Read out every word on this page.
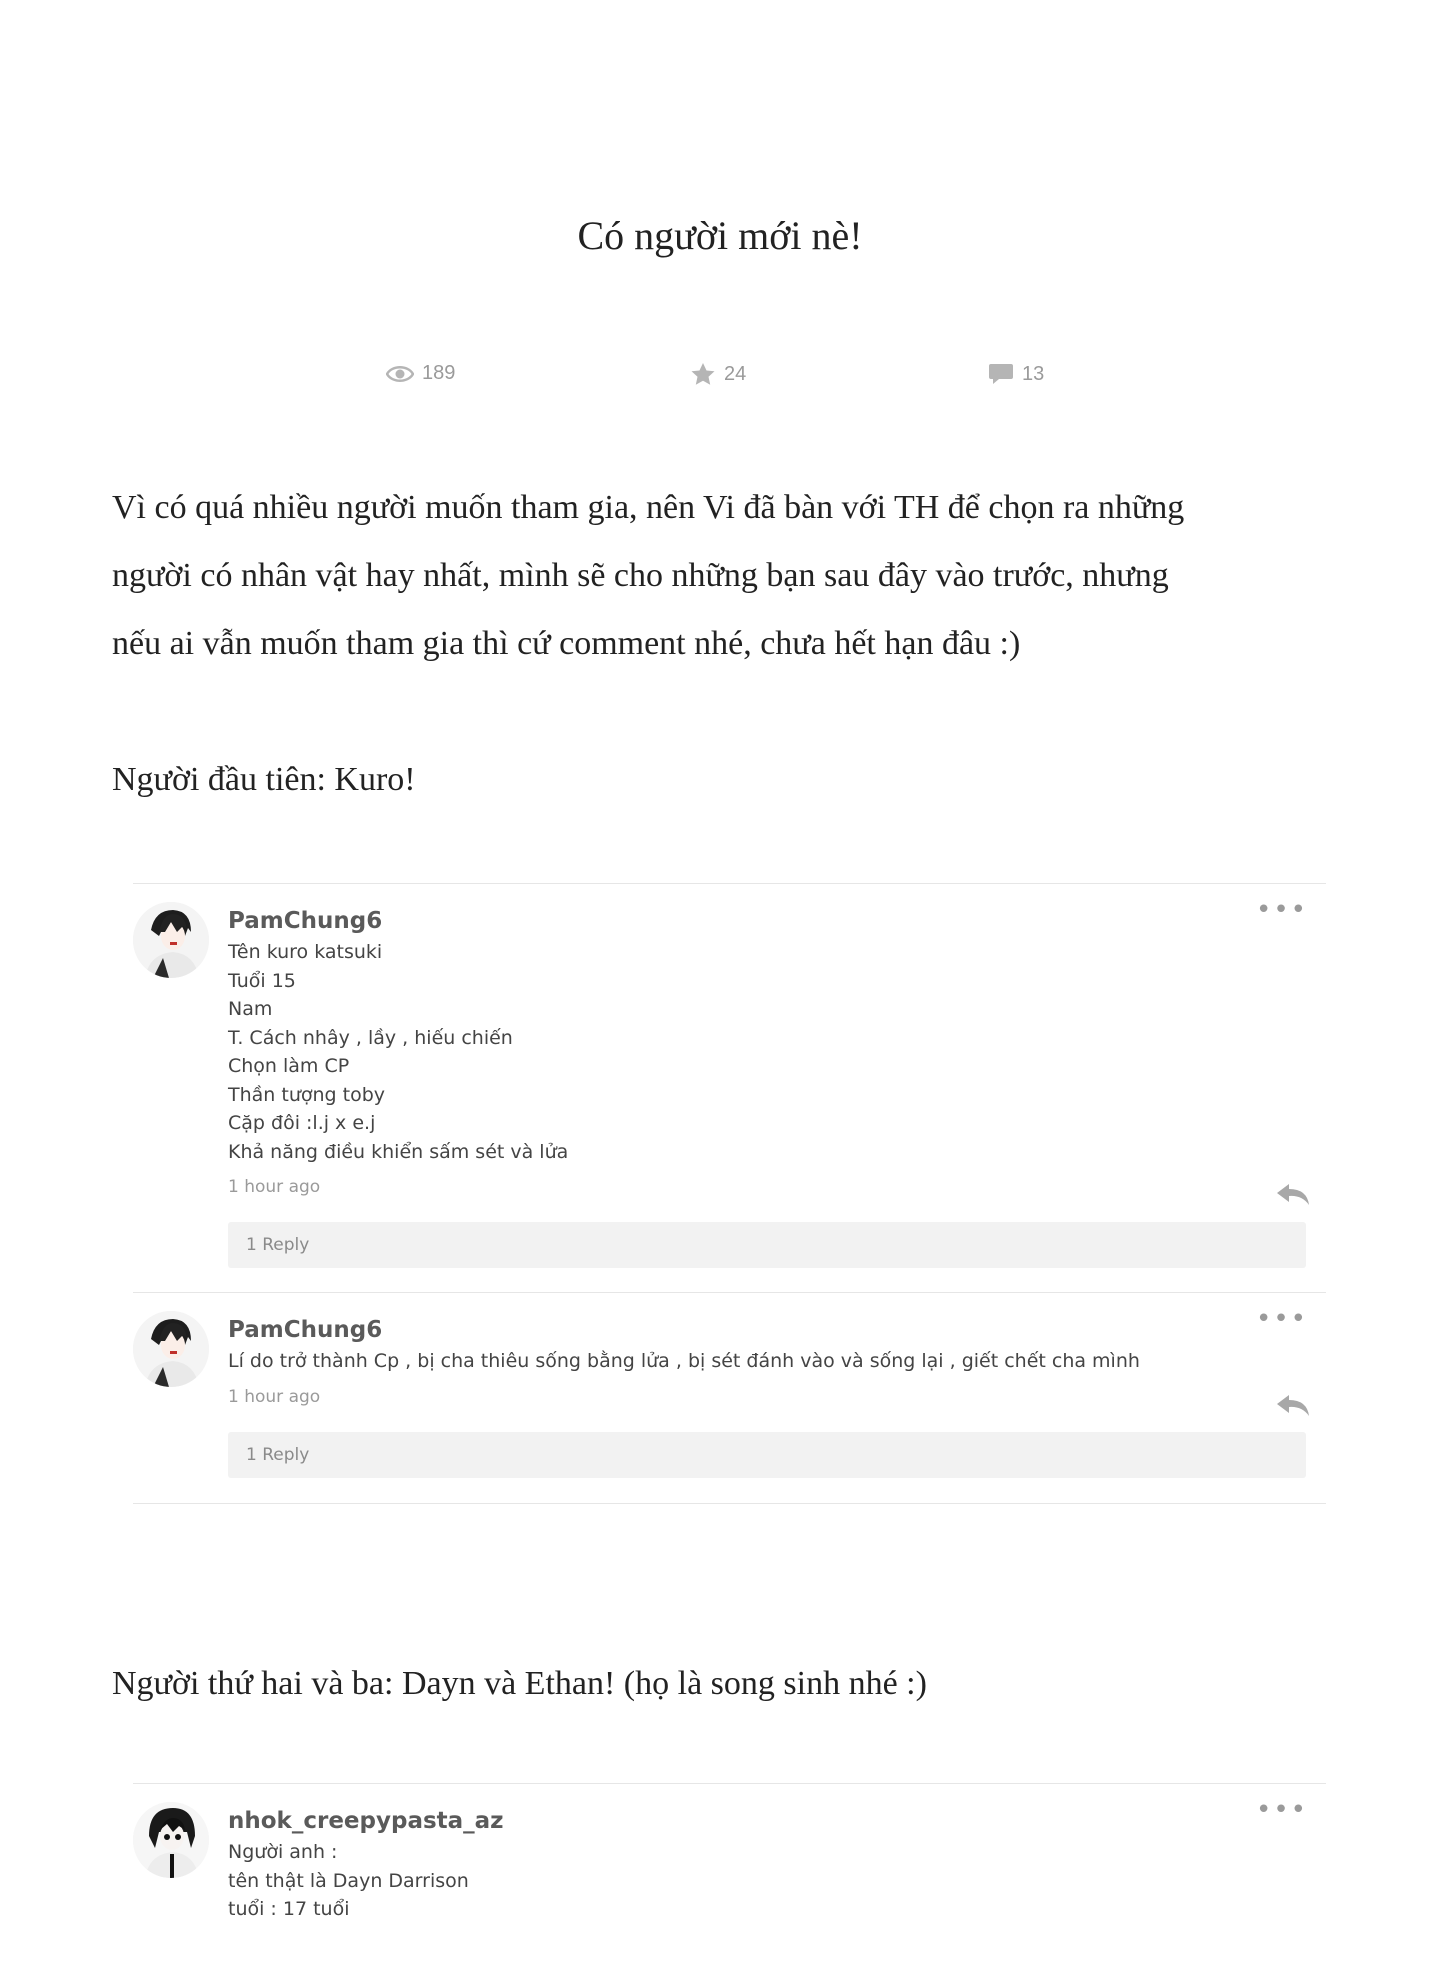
Có người mới nè!
189	24	13
Vì có quá nhiều người muốn tham gia, nên Vi đã bàn với TH để chọn ra những
người có nhân vật hay nhất, mình sẽ cho những bạn sau đây vào trước, nhưng
nếu ai vẫn muốn tham gia thì cứ comment nhé, chưa hết hạn đâu :)
Người đầu tiên: Kuro!
•••
PamChung6
Tên kuro katsuki
Tuổi 15
Nam
T. Cách nhây , lầy , hiếu chiến
Chọn làm CP
Thần tượng toby
Cặp đôi :l.j x e.j
Khả năng điều khiển sấm sét và lửa
1 hour ago
1 Reply
•••
PamChung6
Lí do trở thành Cp , bị cha thiêu sống bằng lửa , bị sét đánh vào và sống lại , giết chết cha mình
1 hour ago
1 Reply
Người thứ hai và ba: Dayn và Ethan! (họ là song sinh nhé :)
•••
nhok_creepypasta_az
Người anh :
tên thật là Dayn Darrison
tuổi : 17 tuổi
